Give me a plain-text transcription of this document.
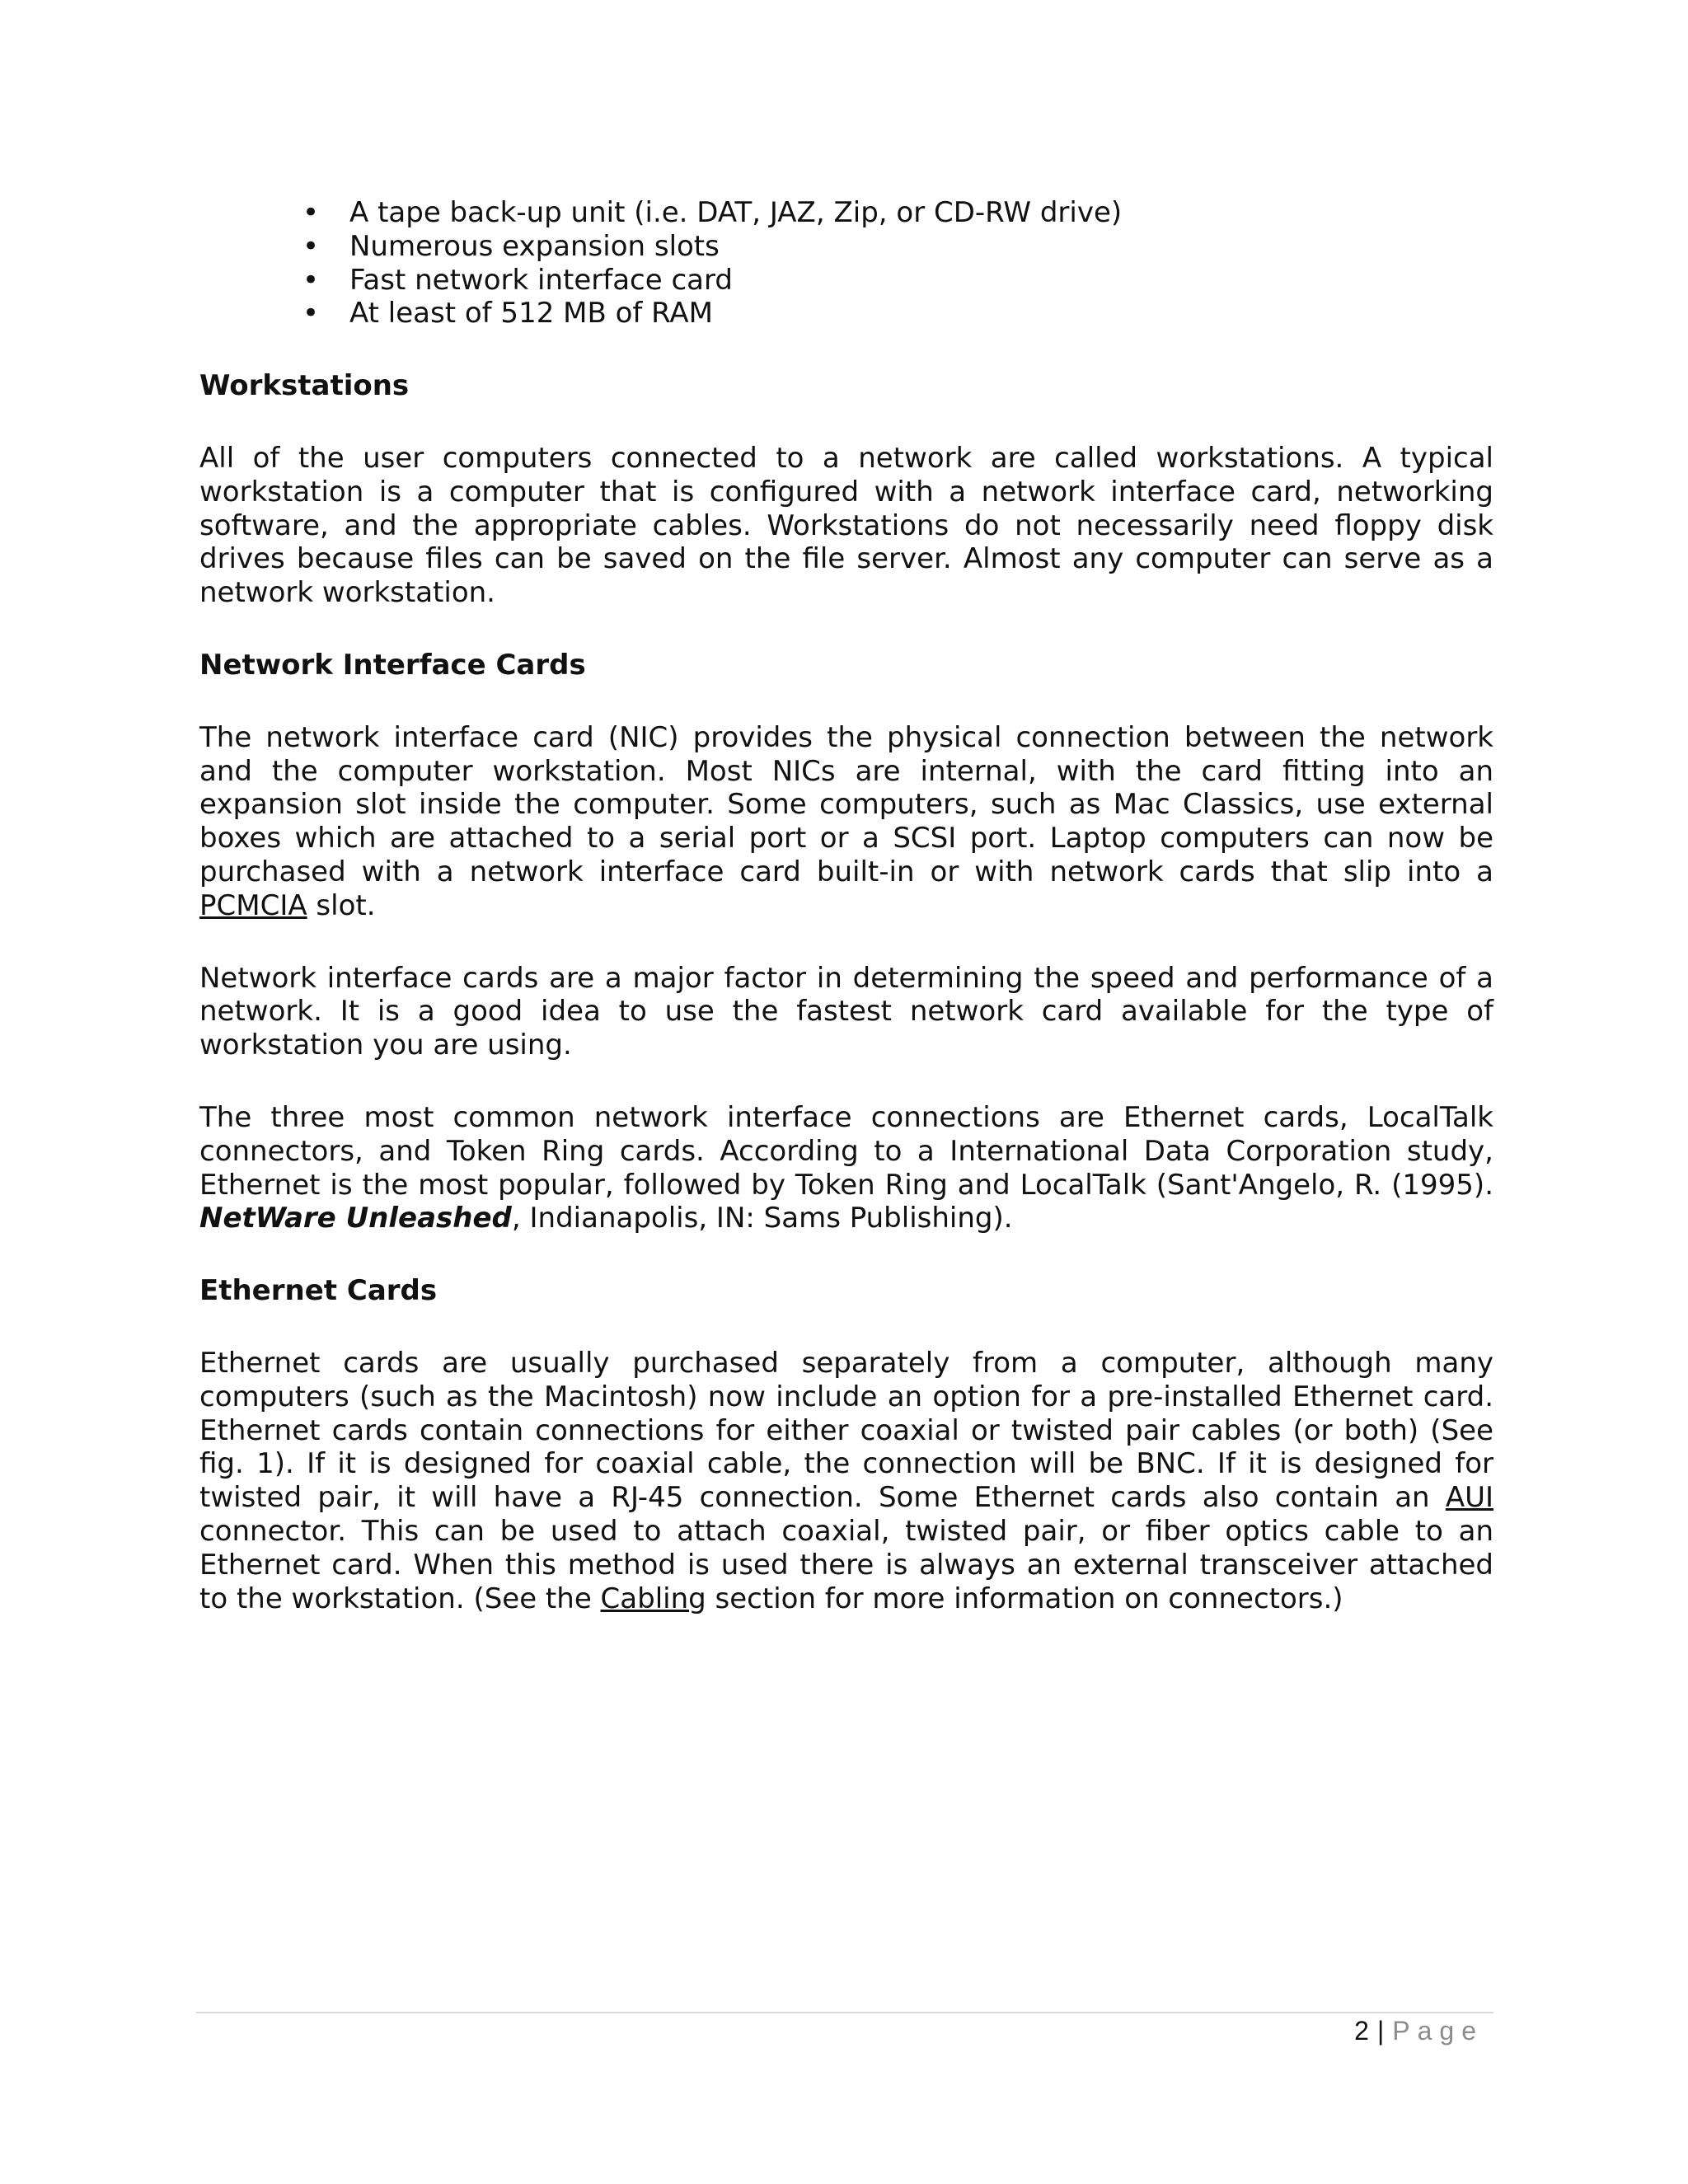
• A tape back-up unit (i.e. DAT, JAZ, Zip, or CD-RW drive)
• Numerous expansion slots
• Fast network interface card
• At least of 512 MB of RAM
Workstations

All of the user computers connected to a network are called workstations. A typical workstation is a computer that is configured with a network interface card, networking software, and the appropriate cables. Workstations do not necessarily need floppy disk drives because files can be saved on the file server. Almost any computer can serve as a network workstation.

Network Interface Cards

The network interface card (NIC) provides the physical connection between the network and the computer workstation. Most NICs are internal, with the card fitting into an expansion slot inside the computer. Some computers, such as Mac Classics, use external boxes which are attached to a serial port or a SCSI port. Laptop computers can now be purchased with a network interface card built-in or with network cards that slip into a PCMCIA slot.

Network interface cards are a major factor in determining the speed and performance of a network. It is a good idea to use the fastest network card available for the type of workstation you are using.

The three most common network interface connections are Ethernet cards, LocalTalk connectors, and Token Ring cards. According to a International Data Corporation study, Ethernet is the most popular, followed by Token Ring and LocalTalk (Sant'Angelo, R. (1995). NetWare Unleashed, Indianapolis, IN: Sams Publishing).

Ethernet Cards

Ethernet cards are usually purchased separately from a computer, although many computers (such as the Macintosh) now include an option for a pre-installed Ethernet card. Ethernet cards contain connections for either coaxial or twisted pair cables (or both) (See fig. 1). If it is designed for coaxial cable, the connection will be BNC. If it is designed for twisted pair, it will have a RJ-45 connection. Some Ethernet cards also contain an AUI connector. This can be used to attach coaxial, twisted pair, or fiber optics cable to an Ethernet card. When this method is used there is always an external transceiver attached to the workstation. (See the Cabling section for more information on connectors.)

2 | Page
